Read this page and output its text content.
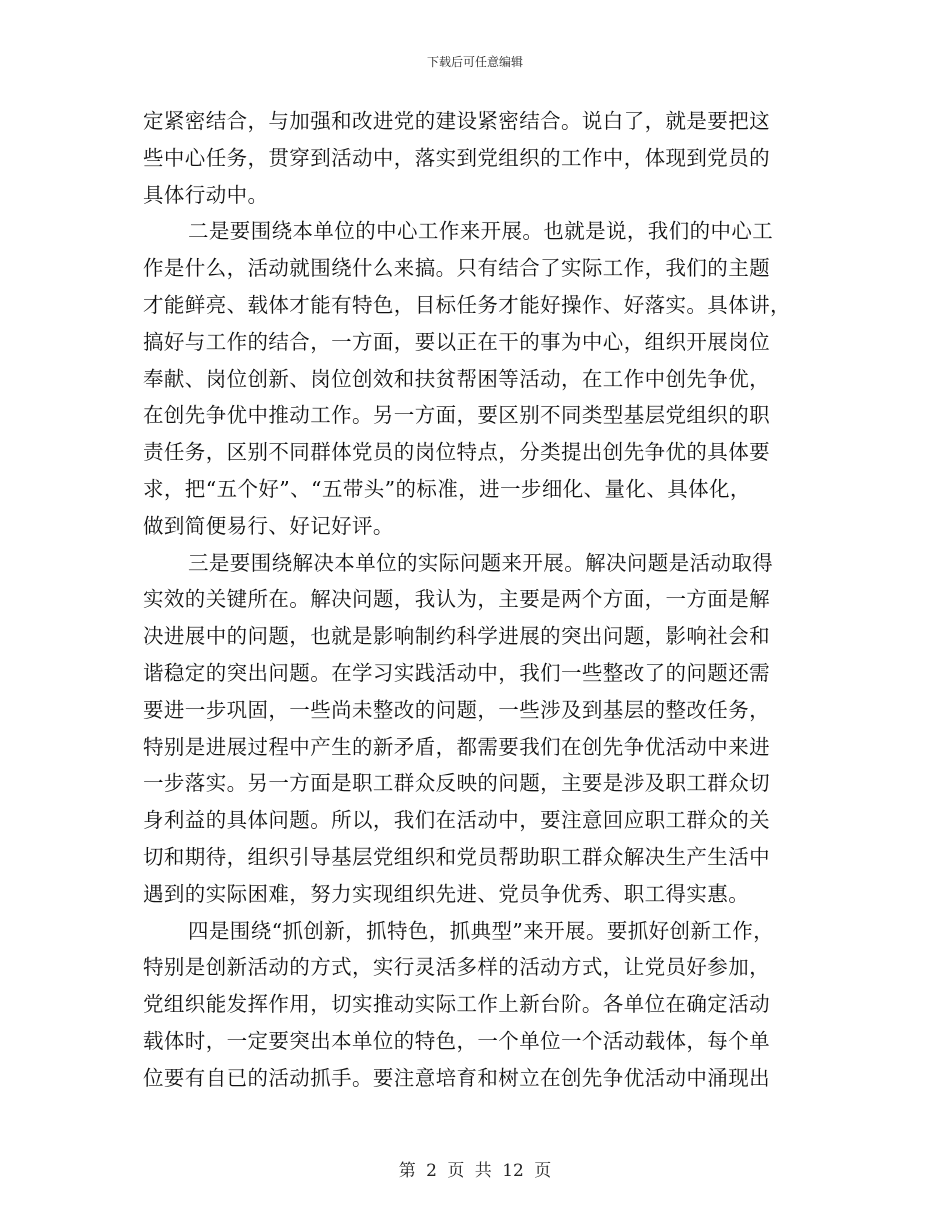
下载后可任意编辑
定紧密结合，与加强和改进党的建设紧密结合。说白了，就是要把这
些中心任务，贯穿到活动中，落实到党组织的工作中，体现到党员的
具体行动中。
二是要围绕本单位的中心工作来开展。也就是说，我们的中心工
作是什么，活动就围绕什么来搞。只有结合了实际工作，我们的主题
才能鲜亮、载体才能有特色，目标任务才能好操作、好落实。具体讲，
搞好与工作的结合，一方面，要以正在干的事为中心，组织开展岗位
奉献、岗位创新、岗位创效和扶贫帮困等活动，在工作中创先争优，
在创先争优中推动工作。另一方面，要区别不同类型基层党组织的职
责任务，区别不同群体党员的岗位特点，分类提出创先争优的具体要
求，把“五个好”、“五带头”的标准，进一步细化、量化、具体化，
做到简便易行、好记好评。
三是要围绕解决本单位的实际问题来开展。解决问题是活动取得
实效的关键所在。解决问题，我认为，主要是两个方面，一方面是解
决进展中的问题，也就是影响制约科学进展的突出问题，影响社会和
谐稳定的突出问题。在学习实践活动中，我们一些整改了的问题还需
要进一步巩固，一些尚未整改的问题，一些涉及到基层的整改任务，
特别是进展过程中产生的新矛盾，都需要我们在创先争优活动中来进
一步落实。另一方面是职工群众反映的问题，主要是涉及职工群众切
身利益的具体问题。所以，我们在活动中，要注意回应职工群众的关
切和期待，组织引导基层党组织和党员帮助职工群众解决生产生活中
遇到的实际困难，努力实现组织先进、党员争优秀、职工得实惠。
四是围绕“抓创新，抓特色，抓典型”来开展。要抓好创新工作，
特别是创新活动的方式，实行灵活多样的活动方式，让党员好参加，
党组织能发挥作用，切实推动实际工作上新台阶。各单位在确定活动
载体时，一定要突出本单位的特色，一个单位一个活动载体，每个单
位要有自已的活动抓手。要注意培育和树立在创先争优活动中涌现出
第 2 页 共 12 页
